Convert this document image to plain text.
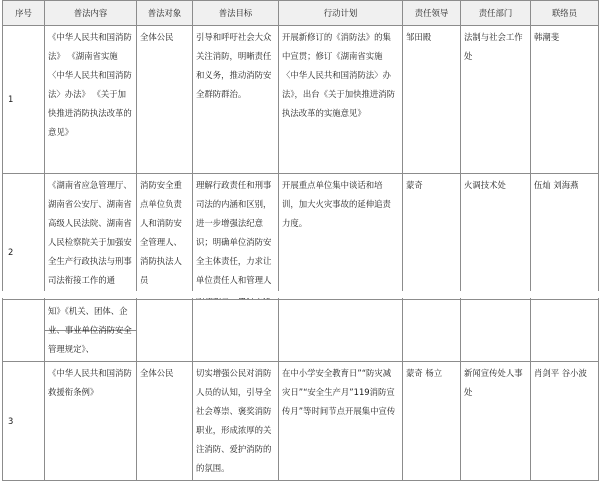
序号	普法内容	普法对象	普法目标	行动计划	责任领导	责任部门	联络员
1	《中华人民共和国消防法》 《湖南省实施〈中华人民共和国消防法〉办法》 《关于加快推进消防执法改革的意见》	全体公民	引导和呼吁社会大众关注消防，明晰责任和义务，推动消防安全群防群治。	开展新修订的《消防法》的集中宣贯；修订《湖南省实施〈中华人民共和国消防法〉办法》，出台《关于加快推进消防执法改革的实施意见》	邹田殿	法制与社会工作处	韩潮斐
2	《湖南省应急管理厅、湖南省公安厅、湖南省高级人民法院、湖南省人民检察院关于加强安全生产行政执法与刑事司法衔接工作的通	消防安全重点单位负责人和消防安全管理人、消防执法人员	理解行政责任和刑事司法的内涵和区别，进一步增强法纪意识；明确单位消防安全主体责任，力求让单位责任人和管理人	开展重点单位集中谈话和培训，加大火灾事故的延伸追责力度。	蒙奇	火调技术处	伍灿 刘海燕
	知》《机关、团体、企业、事业单位消防安全管理规定》、						
3	《中华人民共和国消防救援衔条例》	全体公民	切实增强公民对消防人员的认知，引导全社会尊崇、褒奖消防职业，形成浓厚的关注消防、爱护消防的的氛围。	在中小学安全教育日”“防灾减灾日”“安全生产月”119消防宣传月”等时间节点开展集中宣传	蒙奇 杨立	新闻宣传处人事处	肖剑平 谷小波
